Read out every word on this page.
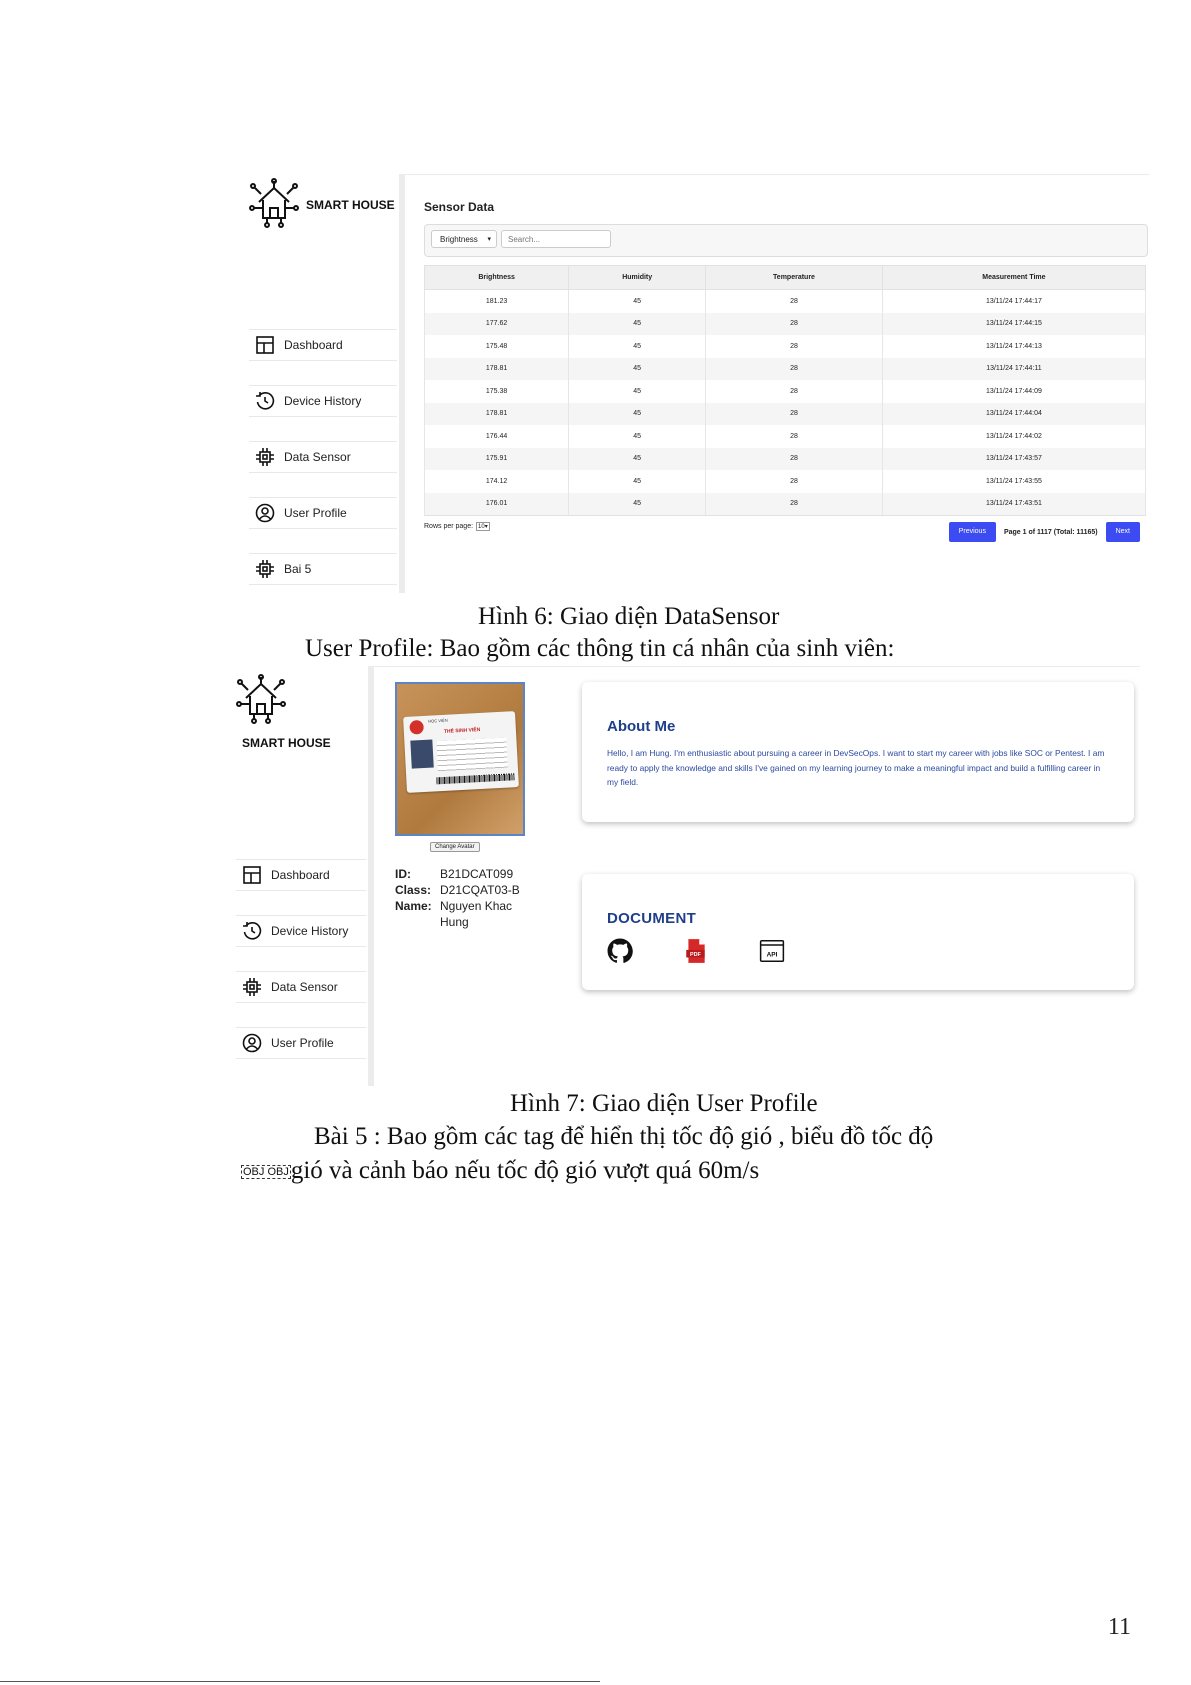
SMART HOUSE
Dashboard
Device History
Data Sensor
User Profile
Bai 5
Sensor Data
Brightness ▾
Search...
Brightness	Humidity	Temperature	Measurement Time
181.23	45	28	13/11/24 17:44:17
177.62	45	28	13/11/24 17:44:15
175.48	45	28	13/11/24 17:44:13
178.81	45	28	13/11/24 17:44:11
175.38	45	28	13/11/24 17:44:09
178.81	45	28	13/11/24 17:44:04
176.44	45	28	13/11/24 17:44:02
175.91	45	28	13/11/24 17:43:57
174.12	45	28	13/11/24 17:43:55
176.01	45	28	13/11/24 17:43:51
Rows per page: 10▾
Previous	Page 1 of 1117 (Total: 11165)	Next
Hình 6: Giao diện DataSensor
User Profile: Bao gồm các thông tin cá nhân của sinh viên:
SMART HOUSE
Dashboard
Device History
Data Sensor
User Profile
HỌC VIỆN
THẺ SINH VIÊN
Change Avatar
ID:	B21DCAT099
Class: D21CQAT03-B
Name: Nguyen Khac Hung
About Me

Hello, I am Hung. I'm enthusiastic about pursuing a career in DevSecOps. I want to start my career with jobs like SOC or Pentest. I am ready to apply the knowledge and skills I've gained on my learning journey to make a meaningful impact and build a fulfilling career in my field.

DOCUMENT
PDF	API
Hình 7: Giao diện User Profile
Bài 5 : Bao gồm các tag để hiển thị tốc độ gió , biểu đồ tốc độ
OBJ OBJgió và cảnh báo nếu tốc độ gió vượt quá 60m/s
11
